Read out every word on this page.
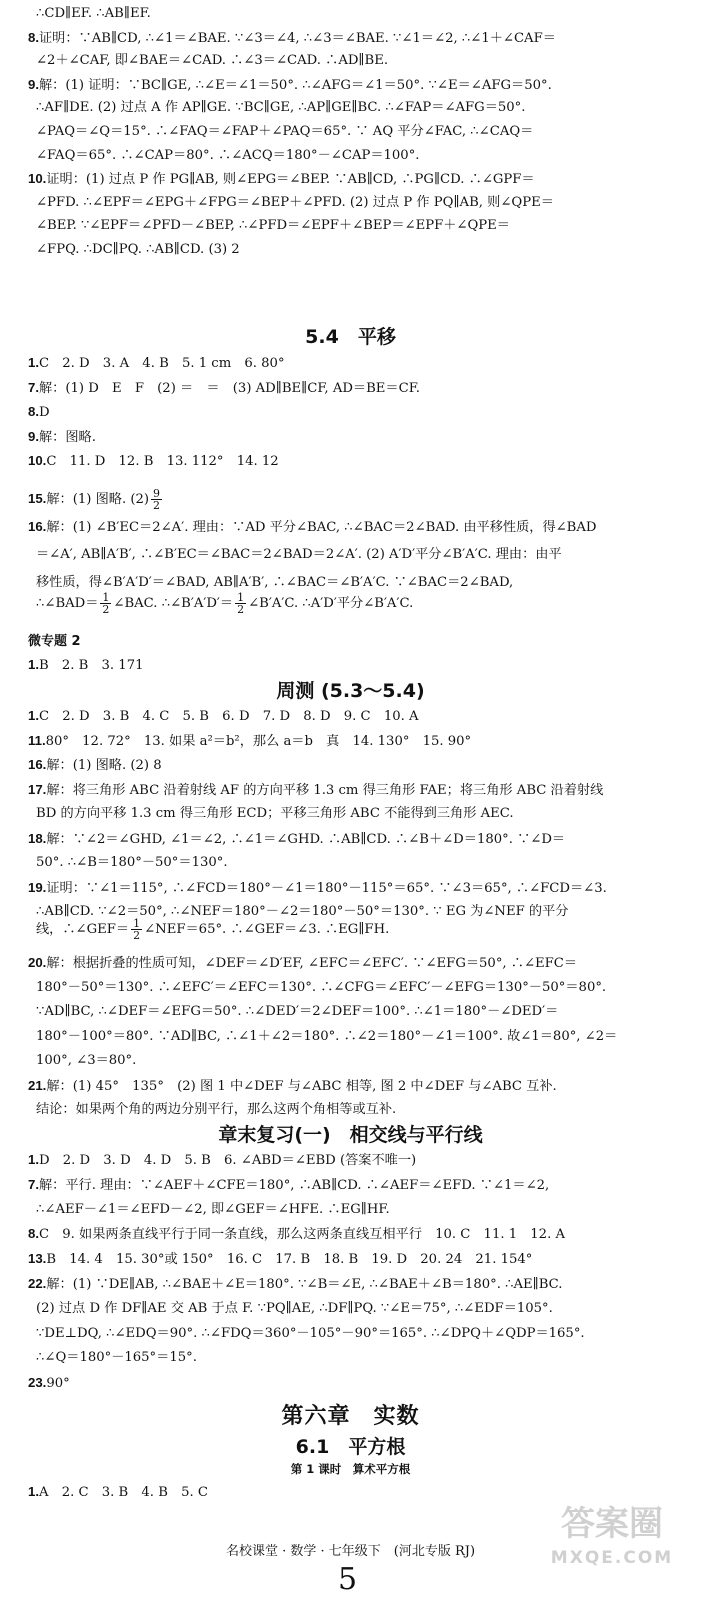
∴CD∥EF. ∴AB∥EF.
8.证明：∵AB∥CD, ∴∠1＝∠BAE. ∵∠3＝∠4, ∴∠3＝∠BAE. ∵∠1＝∠2, ∴∠1＋∠CAF＝
∠2＋∠CAF, 即∠BAE＝∠CAD. ∴∠3＝∠CAD. ∴AD∥BE.
9.解：(1) 证明：∵BC∥GE, ∴∠E＝∠1＝50°. ∴∠AFG＝∠1＝50°. ∵∠E＝∠AFG＝50°.
∴AF∥DE. (2) 过点 A 作 AP∥GE. ∵BC∥GE, ∴AP∥GE∥BC. ∴∠FAP＝∠AFG＝50°.
∠PAQ＝∠Q＝15°. ∴∠FAQ＝∠FAP＋∠PAQ＝65°. ∵ AQ 平分∠FAC, ∴∠CAQ＝
∠FAQ＝65°. ∴∠CAP＝80°. ∴∠ACQ＝180°－∠CAP＝100°.
10.证明：(1) 过点 P 作 PG∥AB, 则∠EPG＝∠BEP. ∵AB∥CD, ∴PG∥CD. ∴∠GPF＝
∠PFD. ∴∠EPF＝∠EPG＋∠FPG＝∠BEP＋∠PFD. (2) 过点 P 作 PQ∥AB, 则∠QPE＝
∠BEP. ∵∠EPF＝∠PFD－∠BEP, ∴∠PFD＝∠EPF＋∠BEP＝∠EPF＋∠QPE＝
∠FPQ. ∴DC∥PQ. ∴AB∥CD. (3) 2
5.4　平移
1.C　2. D　3. A　4. B　5. 1 cm　6. 80°
7.解：(1) D　E　F　(2) ＝　＝　(3) AD∥BE∥CF, AD＝BE＝CF.
8.D
9.解：图略.
10.C　11. D　12. B　13. 112°　14. 12
15.解：(1) 图略. $(2) \frac{9}{2}$
16.解：(1) ∠B′EC＝2∠A′. 理由：∵AD 平分∠BAC, ∴∠BAC＝2∠BAD. 由平移性质，得∠BAD
＝∠A′, AB∥A′B′, ∴∠B′EC＝∠BAC＝2∠BAD＝2∠A′. (2) A′D′平分∠B′A′C. 理由：由平
移性质，得∠B′A′D′＝∠BAD, AB∥A′B′, ∴∠BAC＝∠B′A′C. ∵∠BAC＝2∠BAD,
∴∠BAD＝ $\frac{1}{2}$ ∠BAC. ∴∠B′A′D′＝ $\frac{1}{2}$ ∠B′A′C. ∴A′D′平分∠B′A′C.
微专题 2
1.B　2. B　3. 171
周测 (5.3～5.4)
1.C　2. D　3. B　4. C　5. B　6. D　7. D　8. D　9. C　10. A
11.80°　12. 72°　13. 如果 a²＝b²，那么 a＝b　真　14. 130°　15. 90°
16.解：(1) 图略. (2) 8
17.解：将三角形 ABC 沿着射线 AF 的方向平移 1.3 cm 得三角形 FAE；将三角形 ABC 沿着射线
BD 的方向平移 1.3 cm 得三角形 ECD；平移三角形 ABC 不能得到三角形 AEC.
18.解：∵∠2＝∠GHD, ∠1＝∠2, ∴∠1＝∠GHD. ∴AB∥CD. ∴∠B＋∠D＝180°. ∵∠D＝
50°. ∴∠B＝180°－50°＝130°.
19.证明：∵∠1＝115°, ∴∠FCD＝180°－∠1＝180°－115°＝65°. ∵∠3＝65°, ∴∠FCD＝∠3.
∴AB∥CD. ∵∠2＝50°, ∴∠NEF＝180°－∠2＝180°－50°＝130°. ∵ EG 为∠NEF 的平分
线，∴∠GEF＝ $\frac{1}{2}$ ∠NEF＝65°. ∴∠GEF＝∠3. ∴EG∥FH.
20.解：根据折叠的性质可知，∠DEF＝∠D′EF, ∠EFC＝∠EFC′. ∵∠EFG＝50°, ∴∠EFC＝
180°－50°＝130°. ∴∠EFC′＝∠EFC＝130°. ∴∠CFG＝∠EFC′－∠EFG＝130°－50°＝80°.
∵AD∥BC, ∴∠DEF＝∠EFG＝50°. ∴∠DED′＝2∠DEF＝100°. ∴∠1＝180°－∠DED′＝
180°－100°＝80°. ∵AD∥BC, ∴∠1＋∠2＝180°. ∴∠2＝180°－∠1＝100°. 故∠1＝80°, ∠2＝
100°, ∠3＝80°.
21.解：(1) 45°　135°　(2) 图 1 中∠DEF 与∠ABC 相等, 图 2 中∠DEF 与∠ABC 互补.
结论：如果两个角的两边分别平行，那么这两个角相等或互补.
章末复习(一)　相交线与平行线
1.D　2. D　3. D　4. D　5. B　6. ∠ABD＝∠EBD (答案不唯一)
7.解：平行. 理由：∵∠AEF＋∠CFE＝180°, ∴AB∥CD. ∴∠AEF＝∠EFD. ∵∠1＝∠2,
∴∠AEF－∠1＝∠EFD－∠2, 即∠GEF＝∠HFE. ∴EG∥HF.
8.C　9. 如果两条直线平行于同一条直线，那么这两条直线互相平行　10. C　11. 1　12. A
13.B　14. 4　15. 30°或 150°　16. C　17. B　18. B　19. D　20. 24　21. 154°
22.解：(1) ∵DE∥AB, ∴∠BAE＋∠E＝180°. ∵∠B＝∠E, ∴∠BAE＋∠B＝180°. ∴AE∥BC.
(2) 过点 D 作 DF∥AE 交 AB 于点 F. ∵PQ∥AE, ∴DF∥PQ. ∵∠E＝75°, ∴∠EDF＝105°.
∵DE⊥DQ, ∴∠EDQ＝90°. ∴∠FDQ＝360°－105°－90°＝165°. ∴∠DPQ＋∠QDP＝165°.
∴∠Q＝180°－165°＝15°.
23.90°
第六章　实数
6.1　平方根
第 1 课时　算术平方根
1.A　2. C　3. B　4. B　5. C
名校课堂 · 数学 · 七年级下　(河北专版 RJ)
5
答案圈
MXQE.COM
